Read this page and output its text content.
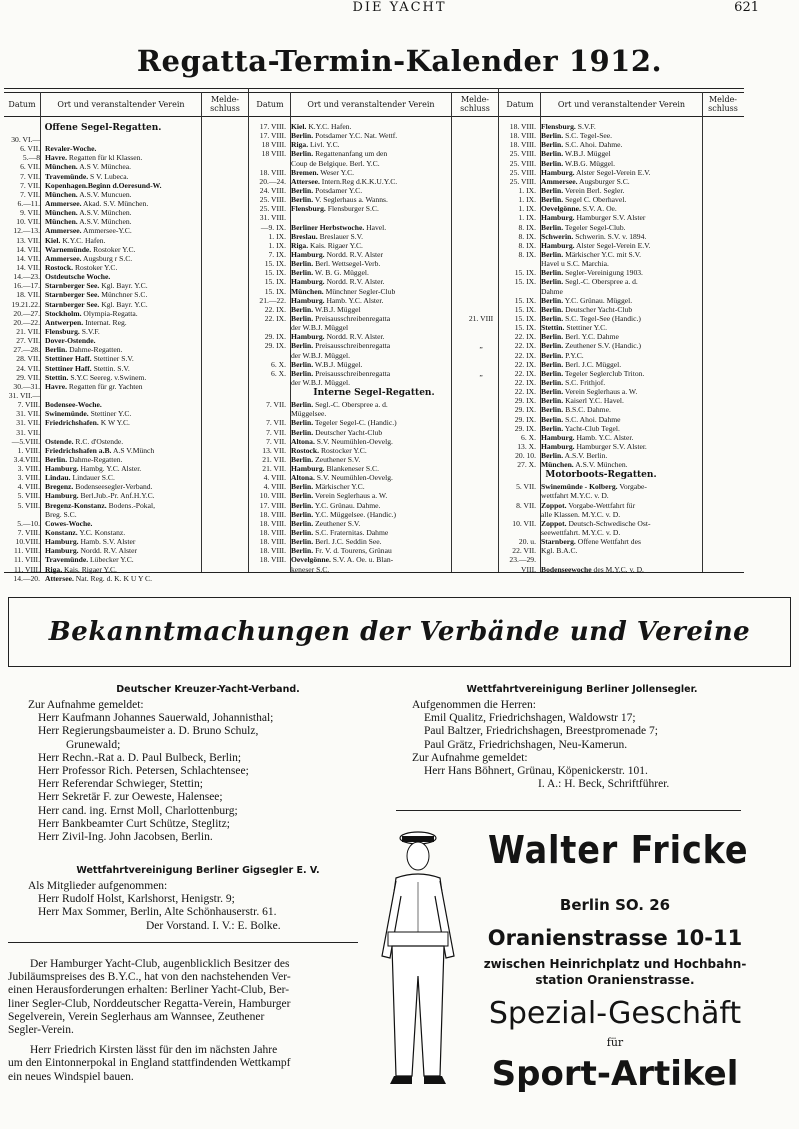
DIE YACHT	621
Regatta-Termin-Kalender 1912.
Datum	Ort und veranstaltender Verein
Melde-
schluss	Datum	Ort und veranstaltender Verein
Melde-
schluss	Datum	Ort und veranstaltender Verein
Melde-
schluss
Offene Segel-Regatten.
30. VI.—
6. VII. Revaler-Woche.
5.—8 Havre. Regatten für kl Klassen.
6. VII. München. A.S V. Münchea.
7. VII. Travemünde. S V. Lubeca.
7. VII. Kopenhagen.Beginn d.Oeresund-W.
7. VII. München. A.S.V. Muncuen.
6.—11. Ammersee. Akad. S.V. München.
9. VII. München. A.S.V. München.
10. VII. München. A.S.V. München.
12.—13. Ammersee. Ammersee-Y.C.
13. VII. Kiel. K.Y.C. Hafen.
14. VII. Warnemünde. Rostoker Y.C.
14. VII. Ammersee. Augsburg r S.C.
14. VII. Rostock. Rostoker Y.C.
14.—23. Ostdeutsche Woche.
16.—17. Starnberger See. Kgl. Bayr. Y.C.
18. VII. Starnberger See. Münchner S.C.
19.21.22. Starnberger See. Kgl. Bayr. Y.C.
20.—27. Stockholm. Olympia-Regatta.
20.—22. Antwerpen. Internat. Reg.
21. VII. Flensburg. S.V.F.
27. VII. Dover-Ostende.
27.—28. Berlin. Dahme-Regatten.
28. VII. Stettiner Haff. Stettiner S.V.
24. VII. Stettiner Haff. Stettin. S.V.
29. VII. Stettin. S.Y.C Seereg. v.Swinem.
30.—31. Havre. Regatten für gr. Yachten
31. VII.—
7. VIII. Bodensee-Woche.
31. VII. Swinemünde. Stettiner Y.C.
31. VII. Friedrichshafen. K W Y.C.
31. VII.
—5.VIII. Ostende. R.C. d'Ostende.
1. VIII. Friedrichshafen a.B. A.S V.Münch
3.4.VIII. Berlin. Dahme-Regatten.
3. VIII. Hamburg. Hambg. Y.C. Alster.
3. VIII. Lindau. Lindauer S.C.
4. VIII. Bregenz. Bodenseesegler-Verband.
5. VIII. Hamburg. Berl.Jub.-Pr. Anf.H.Y.C.
5. VIII. Bregenz-Konstanz. Bodens.-Pokal,
Breg. S.C.
5.—10. Cowes-Woche.
7. VIII. Konstanz. Y.C. Konstanz.
10.VIII. Hamburg. Hamb. S.V. Alster
11. VIII. Hamburg. Nordd. R.V. Alster
11. VIII. Travemünde. Lübecker Y.C.
11. VIII. Riga. Kais. Rigaer Y.C.
14.—20. Attersee. Nat. Reg. d. K. K U Y C.
17. VIII. Kiel. K.Y.C. Hafen.
17. VIII. Berlin. Potsdamer Y.C. Nat. Wettf.
18 VIII. Riga. Livl. Y.C.
18 VIII. Berlin. Regattenanfang um den
Coup de Belgique. Berl. Y.C.
18. VIII. Bremen. Weser Y.C.
20.—24. Attersee. Intern.Reg d.K.K.U.Y.C.
24. VIII. Berlin. Potsdamer Y.C.
25. VIII. Berlin. V. Seglerhaus a. Wanns.
25. VIII. Flensburg. Flensburger S.C.
31. VIII.
—9. IX. Berliner Herbstwoche. Havel.
1. IX. Breslau. Breslauer S.V.
1. IX. Riga. Kais. Rigaer Y.C.
7. IX. Hamburg. Nordd. R.V. Alster
15. IX. Berlin. Berl. Wettsegel-Verb.
15. IX. Berlin. W. B. G. Müggel.
15. IX. Hamburg. Nordd. R.V. Alster.
15. IX. München. Münchner Segler-Club
21.—22. Hamburg. Hamb. Y.C. Alster.
22. IX. Berlin. W.B.J. Müggel
22. IX. Berlin. Preisausschreibenregatta	21. VIII
der W.B.J. Müggel
29. IX. Hamburg. Nordd. R.V. Alster.
29. IX. Berlin. Preisausschreibenregatta	„
der W.B.J. Müggel.
6. X. Berlin. W.B.J. Müggel.
6. X. Berlin. Preisausschreibenregatta	„
der W.B.J. Müggel.
Interne Segel-Regatten.
7. VII. Berlin. Segl.-C. Oberspree a. d.
Müggelsee.
7. VII. Berlin. Tegeler Segel-C. (Handic.)
7. VII. Berlin. Deutscher Yacht-Club
7. VII. Altona. S.V. Neumühlen-Oevelg.
13. VII. Rostock. Rostocker Y.C.
21. VII. Berlin. Zeuthener S.V.
21. VII. Hamburg. Blankeneser S.C.
4. VIII. Altona. S.V. Neumühlen-Oevelg.
4. VIII. Berlin. Märkischer Y.C.
10. VIII. Berlin. Verein Seglerhaus a. W.
17. VIII. Berlin. Y.C. Grünau. Dahme.
18. VIII. Berlin. Y.C. Müggelsee. (Handic.)
18. VIII. Berlin. Zeuthener S.V.
18. VIII. Berlin. S.C. Fraternitas. Dahme
18. VIII. Berlin. Berl. J.C. Seddin See.
18. VIII. Berlin. Fr. V. d. Tourens, Grünau
18. VIII. Oevelgönne. S.V. A. Oe. u. Blan-
keneser S.C.
18. VIII. Flensburg. S.V.F.
18. VIII. Berlin. S.C. Tegel-See.
18. VIII. Berlin. S.C. Ahoi. Dahme.
25. VIII. Berlin. W.B.J. Müggel
25. VIII. Berlin. W.B.G. Müggel.
25. VIII. Hamburg. Alster Segel-Verein E.V.
25. VIII. Ammersee. Augsburger S.C.
1. IX. Berlin. Verein Berl. Segler.
1. IX. Berlin. Segel C. Oberhavel.
1. IX. Oevelgönne. S.V. A. Oe.
1. IX. Hamburg. Hamburger S.V. Alster
8. IX. Berlin. Tegeler Segel-Club.
8. IX. Schwerin. Schwerin. S.V. v. 1894.
8. IX. Hamburg. Alster Segel-Verein E.V.
8. IX. Berlin. Märkischer Y.C. mit S.V.
Havel u S.C. Marchia.
15. IX. Berlin. Segler-Vereinigung 1903.
15. IX. Berlin. Segl.-C. Oberspree a. d.
Dahme
15. IX. Berlin. Y.C. Grünau. Müggel.
15. IX. Berlin. Deutscher Yacht-Club
15. IX. Berlin. S.C. Tegel-See (Handic.)
15. IX. Stettin. Stettiner Y.C.
22. IX. Berlin. Berl. Y.C. Dahme
22. IX. Berlin. Zeuthener S.V. (Handic.)
22. IX. Berlin. P.Y.C.
22. IX. Berlin. Berl. J.C. Müggel.
22. IX. Berlin. Tegeler Seglerclub Triton.
22. IX. Berlin. S.C. Frithjof.
22. IX. Berlin. Verein Seglerhaus a. W.
29. IX. Berlin. Kaiserl Y.C. Havel.
29. IX. Berlin. B.S.C. Dahme.
29. IX. Berlin. S.C. Ahoi. Dahme
29. IX. Berlin. Yacht-Club Tegel.
6. X. Hamburg. Hamb. Y.C. Alster.
13. X. Hamburg. Hamburger S.V. Alster.
20. 10. Berlin. A.S.V. Berlin.
27. X. München. A.S.V. München.
Motorboots-Regatten.
5. VII. Swinemünde - Kolberg. Vorgabe-
wettfahrt M.Y.C. v. D.
8. VII. Zoppot. Vorgabe-Wettfahrt für
alle Klassen. M.Y.C. v. D.
10. VII. Zoppot. Deutsch-Schwedische Ost-
seewettfahrt. M.Y.C. v. D.
20. u. Starnberg. Offene Wettfahrt des
22. VII. Kgl. B.A.C.
23.—29.
VIII. Bodenseewoche des M.Y.C. v. D.
Bekanntmachungen der Verbände und Vereine
Deutscher Kreuzer-Yacht-Verband.
Zur Aufnahme gemeldet:
Herr Kaufmann Johannes Sauerwald, Johannisthal;
Herr Regierungsbaumeister a. D. Bruno Schulz,
Grunewald;
Herr Rechn.-Rat a. D. Paul Bulbeck, Berlin;
Herr Professor Rich. Petersen, Schlachtensee;
Herr Referendar Schwieger, Stettin;
Herr Sekretär F. zur Oeweste, Halensee;
Herr cand. ing. Ernst Moll, Charlottenburg;
Herr Bankbeamter Curt Schütze, Steglitz;
Herr Zivil-Ing. John Jacobsen, Berlin.
Wettfahrtvereinigung Berliner Jollensegler.
Aufgenommen die Herren:
Emil Qualitz, Friedrichshagen, Waldowstr 17;
Paul Baltzer, Friedrichshagen, Breestpromenade 7;
Paul Grätz, Friedrichshagen, Neu-Kamerun.
Zur Aufnahme gemeldet:
Herr Hans Böhnert, Grünau, Köpenickerstr. 101.
I. A.: H. Beck, Schriftführer.
Wettfahrtvereinigung Berliner Gigsegler E. V.
Als Mitglieder aufgenommen:
Herr Rudolf Holst, Karlshorst, Henigstr. 9;
Herr Max Sommer, Berlin, Alte Schönhauserstr. 61.
Der Vorstand. I. V.: E. Bolke.
Der Hamburger Yacht-Club, augenblicklich Besitzer des
Jubiläumspreises des B.Y.C., hat von den nachstehenden Ver-
einen Herausforderungen erhalten: Berliner Yacht-Club, Ber-
liner Segler-Club, Norddeutscher Regatta-Verein, Hamburger
Segelverein, Verein Seglerhaus am Wannsee, Zeuthener
Segler-Verein.
Herr Friedrich Kirsten lässt für den im nächsten Jahre
um den Eintonnerpokal in England stattfindenden Wettkampf
ein neues Windspiel bauen.
Walter Fricke
Berlin SO. 26
Oranienstrasse 10-11
zwischen Heinrichplatz und Hochbahn-
station Oranienstrasse.
Spezial-Geschäft
für
Sport-Artikel
